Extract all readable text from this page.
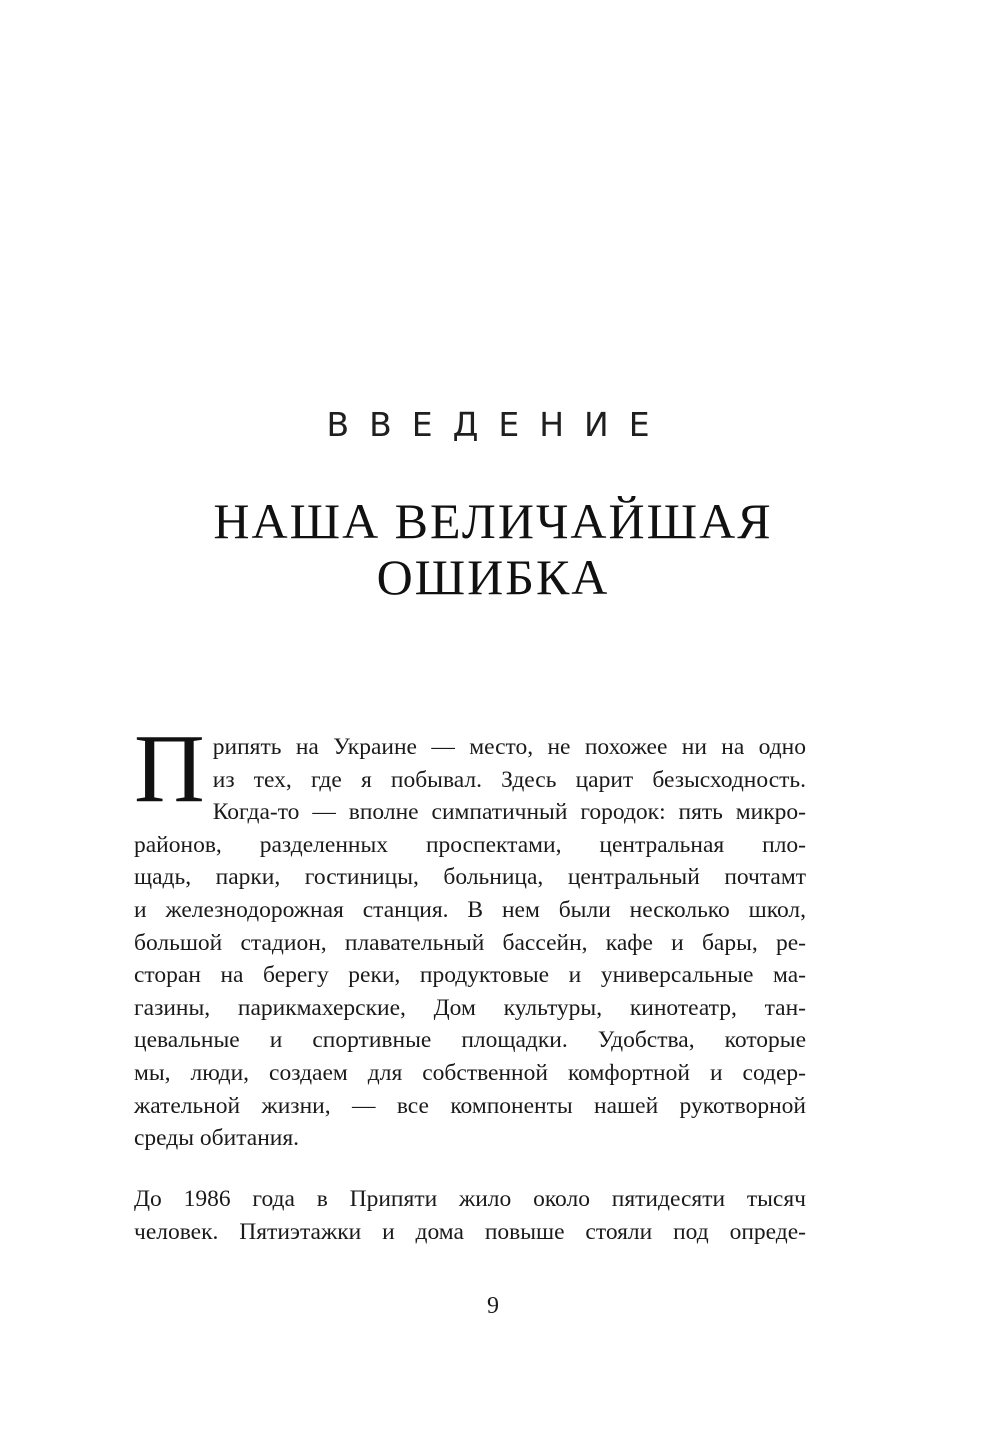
ВВЕДЕНИЕ
НАША ВЕЛИЧАЙШАЯ
ОШИБКА
П рипять на Украине — место, не похожее ни на одно
из тех, где я побывал. Здесь царит безысходность.
Когда-то — вполне симпатичный городок: пять микро-
районов, разделенных проспектами, центральная пло-
щадь, парки, гостиницы, больница, центральный почтамт
и железнодорожная станция. В нем были несколько школ,
большой стадион, плавательный бассейн, кафе и бары, ре-
сторан на берегу реки, продуктовые и универсальные ма-
газины, парикмахерские, Дом культуры, кинотеатр, тан-
цевальные и спортивные площадки. Удобства, которые
мы, люди, создаем для собственной комфортной и содер-
жательной жизни, — все компоненты нашей рукотворной
среды обитания.
До 1986 года в Припяти жило около пятидесяти тысяч
человек. Пятиэтажки и дома повыше стояли под опреде-
9
